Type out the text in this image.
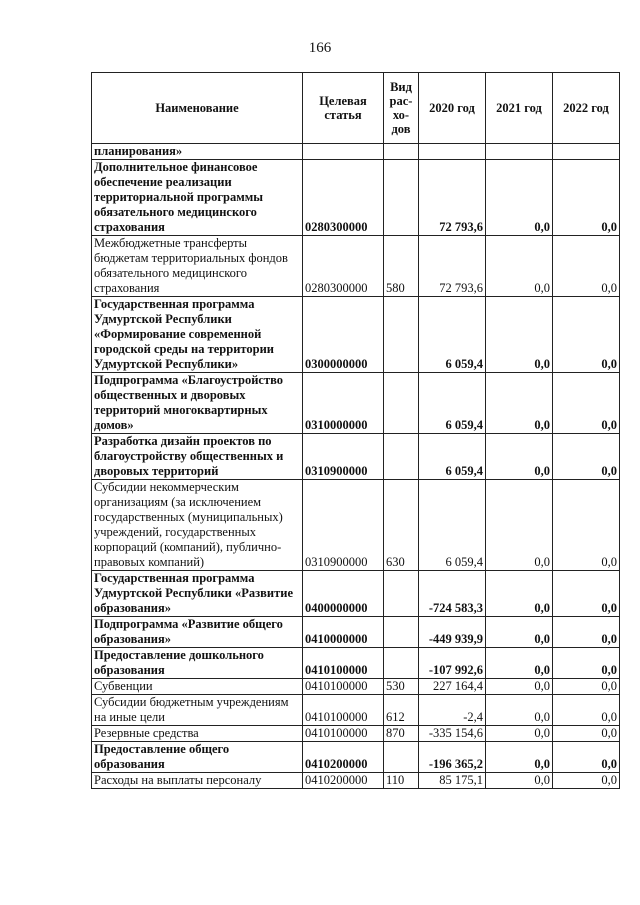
166
Наименование	Целевая статья	Вид рас-хо-дов	2020 год	2021 год	2022 год
планирования»					
Дополнительное финансовое обеспечение реализации территориальной программы обязательного медицинского страхования	0280300000		72 793,6	0,0	0,0
Межбюджетные трансферты бюджетам территориальных фондов обязательного медицинского страхования	0280300000	580	72 793,6	0,0	0,0
Государственная программа Удмуртской Республики «Формирование современной городской среды на территории Удмуртской Республики»	0300000000		6 059,4	0,0	0,0
Подпрограмма «Благоустройство общественных и дворовых территорий многоквартирных домов»	0310000000		6 059,4	0,0	0,0
Разработка дизайн проектов по благоустройству общественных и дворовых территорий	0310900000		6 059,4	0,0	0,0
Субсидии некоммерческим организациям (за исключением государственных (муниципальных) учреждений, государственных корпораций (компаний), публично-правовых компаний)	0310900000	630	6 059,4	0,0	0,0
Государственная программа Удмуртской Республики «Развитие образования»	0400000000		-724 583,3	0,0	0,0
Подпрограмма «Развитие общего образования»	0410000000		-449 939,9	0,0	0,0
Предоставление дошкольного образования	0410100000		-107 992,6	0,0	0,0
Субвенции	0410100000	530	227 164,4	0,0	0,0
Субсидии бюджетным учреждениям на иные цели	0410100000	612	-2,4	0,0	0,0
Резервные средства	0410100000	870	-335 154,6	0,0	0,0
Предоставление общего образования	0410200000		-196 365,2	0,0	0,0
Расходы на выплаты персоналу	0410200000	110	85 175,1	0,0	0,0
